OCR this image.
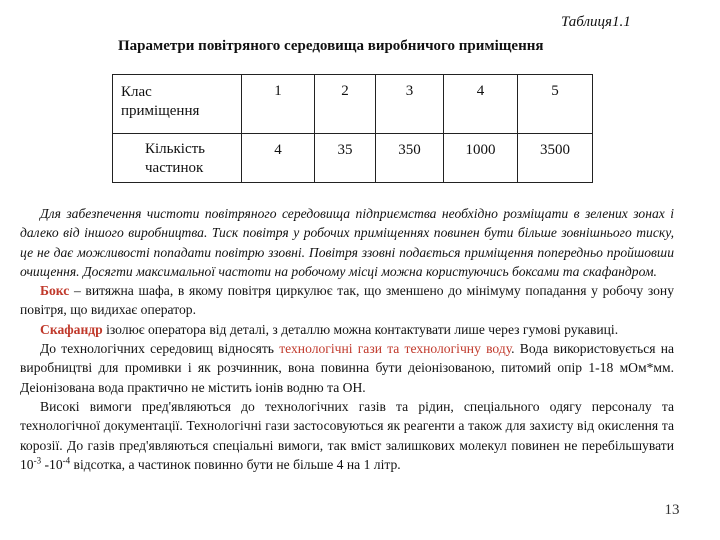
Таблиця1.1
Параметри повітряного середовища виробничого приміщення
Клас
приміщення	1	2	3	4	5

Кількість
частинок	4	35	350	1000	3500

Для забезпечення чистоти повітряного середовища підприємства необхідно розміщати в зелених зонах і далеко від іншого виробництва. Тиск повітря у робочих приміщеннях повинен бути більше зовнішнього тиску, це не дає можливості попадати повітрю ззовні. Повітря ззовні подається приміщення попередньо пройшовши очищення. Досягти максимальної частоти на робочому місці можна користуючись боксами та скафандром.

Бокс – витяжна шафа, в якому повітря циркулює так, що зменшено до мінімуму попадання у робочу зону повітря, що видихає оператор.

Скафандр ізолює оператора від деталі, з деталлю можна контактувати лише через гумові рукавиці.

До технологічних середовищ відносять технологічні гази та технологічну воду. Вода використовується на виробництві для промивки і як розчинник, вона повинна бути деіонізованою, питомий опір 1-18 мОм*мм. Деіонізована вода практично не містить іонів водню та ОН.

Високі вимоги пред'являються до технологічних газів та рідин, спеціального одягу персоналу та технологічної документації. Технологічні гази застосовуються як реагенти а також для захисту від окислення та корозії. До газів пред'являються спеціальні вимоги, так вміст залишкових молекул повинен не перебільшувати $10^{-3}$ $-10^{-4}$ відсотка, а частинок повинно бути не більше 4 на 1 літр.

13
